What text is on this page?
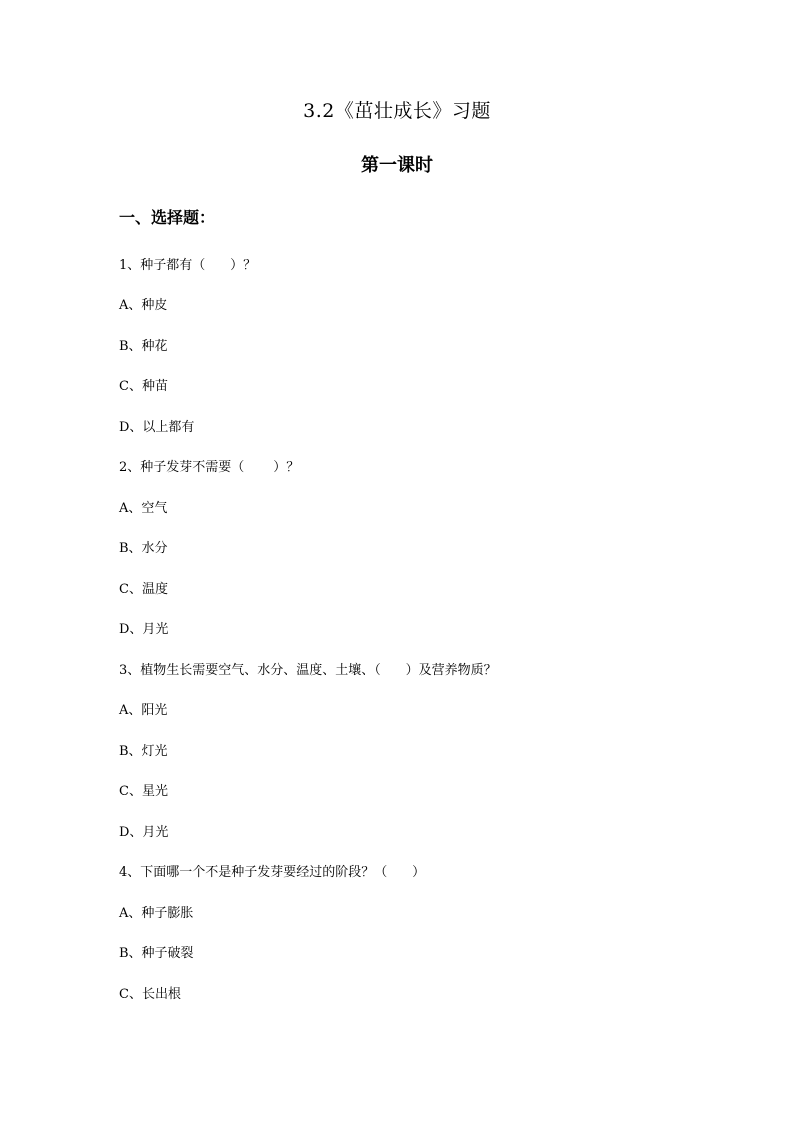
3.2《茁壮成长》习题
第一课时
一、选择题：
1、种子都有（      ）？
A、种皮
B、种花
C、种苗
D、以上都有
2、种子发芽不需要（       ）？
A、空气
B、水分
C、温度
D、月光
3、植物生长需要空气、水分、温度、土壤、（      ）及营养物质？
A、阳光
B、灯光
C、星光
D、月光
4、下面哪一个不是种子发芽要经过的阶段？（      ）
A、种子膨胀
B、种子破裂
C、长出根
